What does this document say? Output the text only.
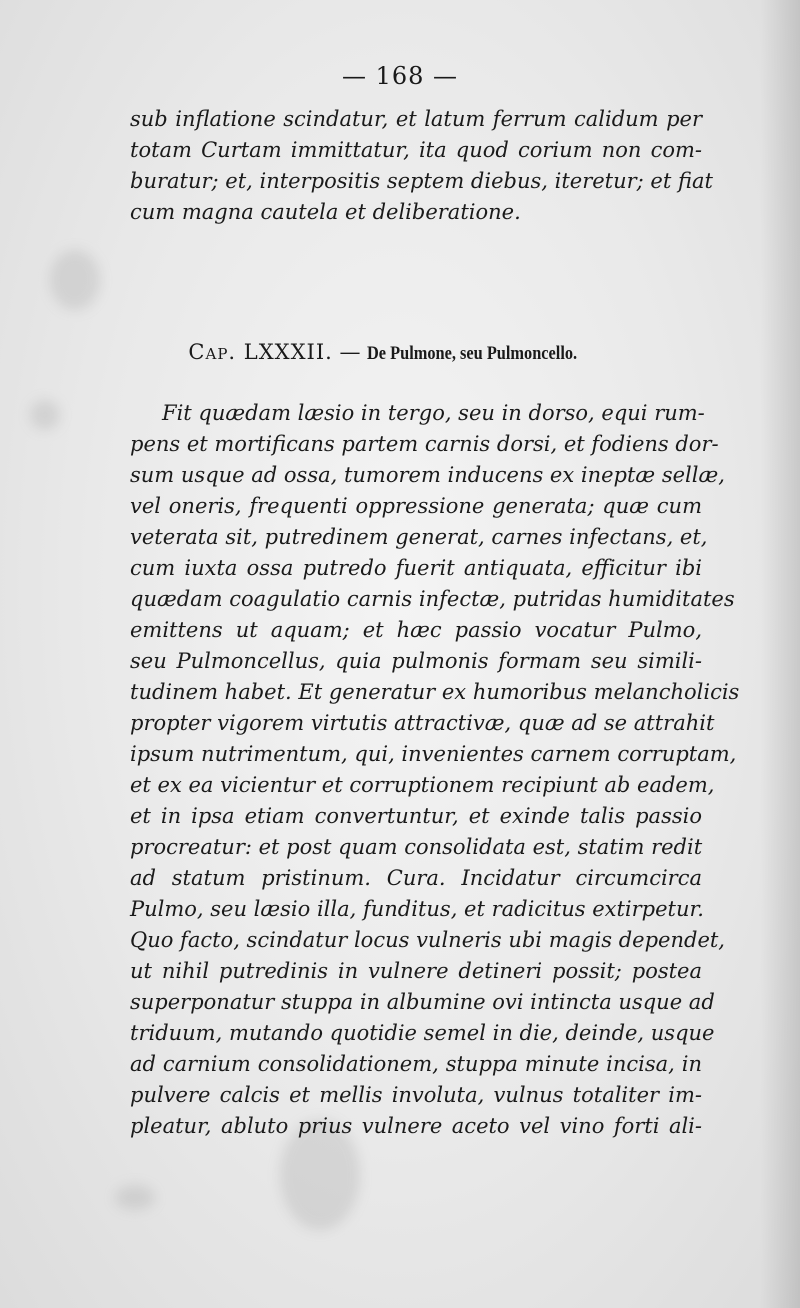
— 168 —
sub inflatione scindatur, et latum ferrum calidum per
totam Curtam immittatur, ita quod corium non com-
buratur; et, interpositis septem diebus, iteretur; et fiat
cum magna cautela et deliberatione.
Cap. LXXXII. — De Pulmone, seu Pulmoncello.
Fit quædam læsio in tergo, seu in dorso, equi rum-
pens et mortificans partem carnis dorsi, et fodiens dor-
sum usque ad ossa, tumorem inducens ex ineptæ sellæ,
vel oneris, frequenti oppressione generata; quæ cum
veterata sit, putredinem generat, carnes infectans, et,
cum iuxta ossa putredo fuerit antiquata, efficitur ibi
quædam coagulatio carnis infectæ, putridas humiditates
emittens ut aquam; et hæc passio vocatur Pulmo,
seu Pulmoncellus, quia pulmonis formam seu simili-
tudinem habet. Et generatur ex humoribus melancholicis
propter vigorem virtutis attractivæ, quæ ad se attrahit
ipsum nutrimentum, qui, invenientes carnem corruptam,
et ex ea vicientur et corruptionem recipiunt ab eadem,
et in ipsa etiam convertuntur, et exinde talis passio
procreatur: et post quam consolidata est, statim redit
ad statum pristinum. Cura. Incidatur circumcirca
Pulmo, seu læsio illa, funditus, et radicitus extirpetur.
Quo facto, scindatur locus vulneris ubi magis dependet,
ut nihil putredinis in vulnere detineri possit; postea
superponatur stuppa in albumine ovi intincta usque ad
triduum, mutando quotidie semel in die, deinde, usque
ad carnium consolidationem, stuppa minute incisa, in
pulvere calcis et mellis involuta, vulnus totaliter im-
pleatur, abluto prius vulnere aceto vel vino forti ali-
